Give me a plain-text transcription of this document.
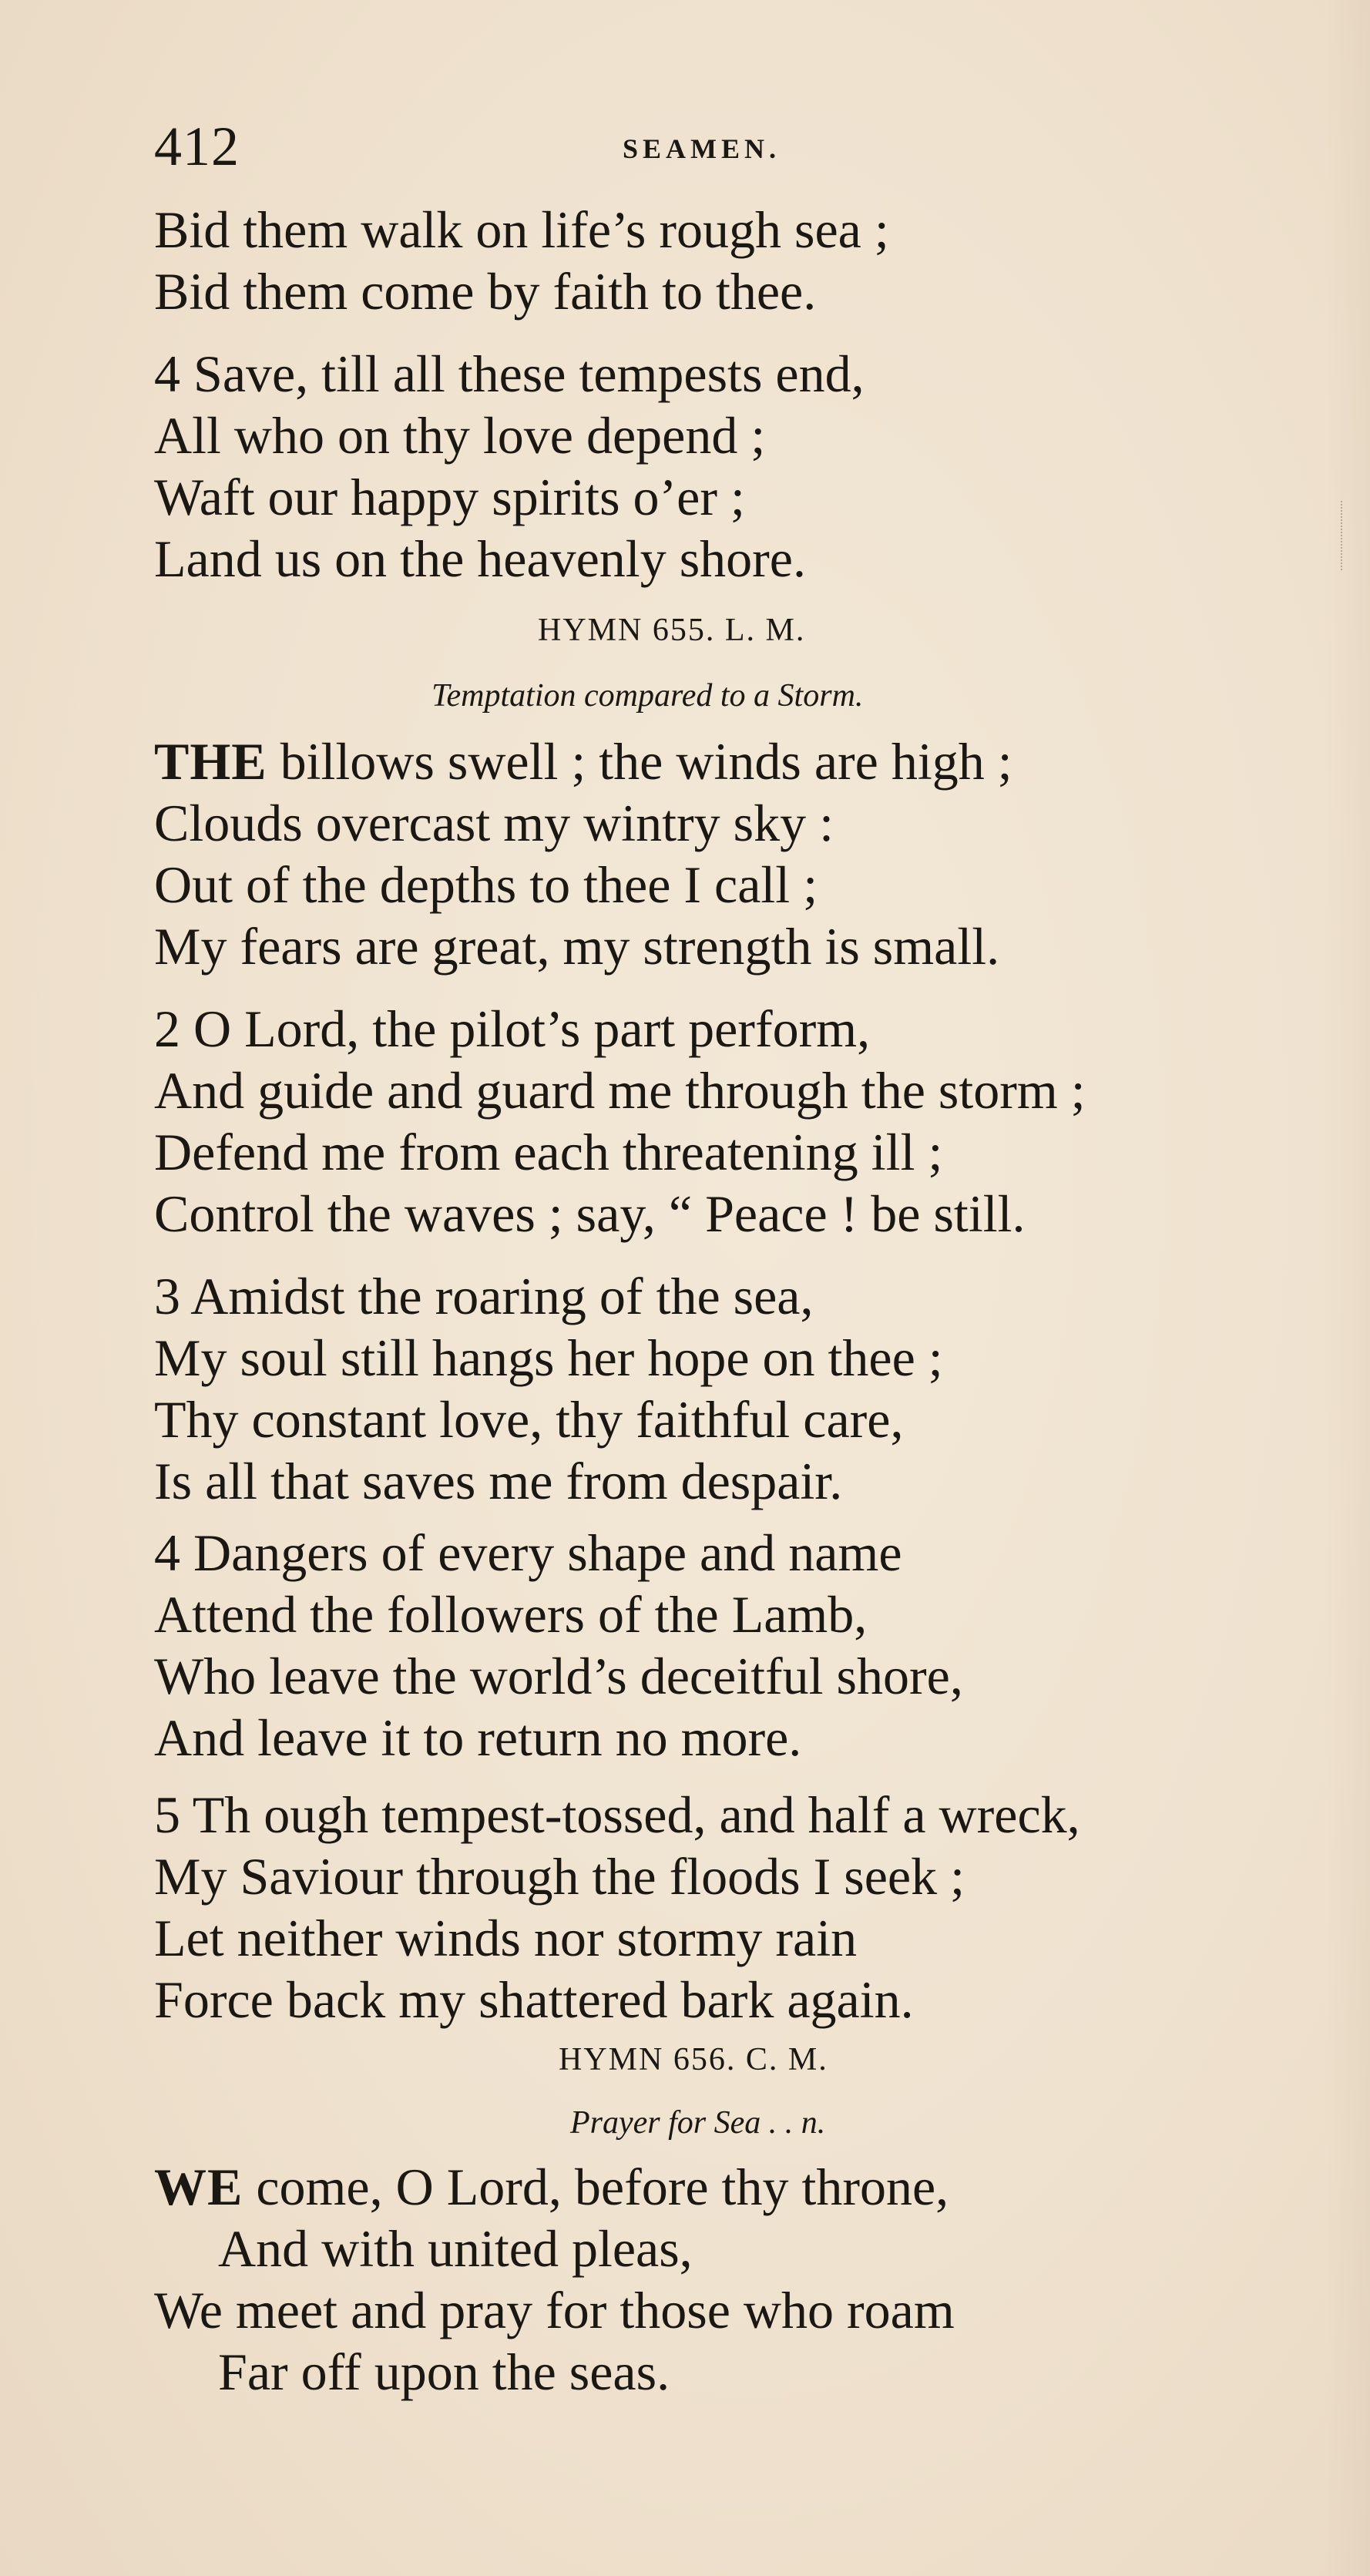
412	SEAMEN.

Bid them walk on life’s rough sea ;

Bid them come by faith to thee.

4 Save, till all these tempests end,

All who on thy love depend ;

Waft our happy spirits o’er ;

Land us on the heavenly shore.

HYMN 655. L. M.
Temptation compared to a Storm.

THE billows swell ; the winds are high ;

Clouds overcast my wintry sky :

Out of the depths to thee I call ;

My fears are great, my strength is small.

2 O Lord, the pilot’s part perform,

And guide and guard me through the storm ;

Defend me from each threatening ill ;

Control the waves ; say, “ Peace ! be still.

3 Amidst the roaring of the sea,

My soul still hangs her hope on thee ;

Thy constant love, thy faithful care,

Is all that saves me from despair.

4 Dangers of every shape and name

Attend the followers of the Lamb,

Who leave the world’s deceitful shore,

And leave it to return no more.

5 Th ough tempest-tossed, and half a wreck,

My Saviour through the floods I seek ;

Let neither winds nor stormy rain

Force back my shattered bark again.

HYMN 656. C. M.
Prayer for Sea . . n.

WE come, O Lord, before thy throne,

And with united pleas,

We meet and pray for those who roam

Far off upon the seas.
